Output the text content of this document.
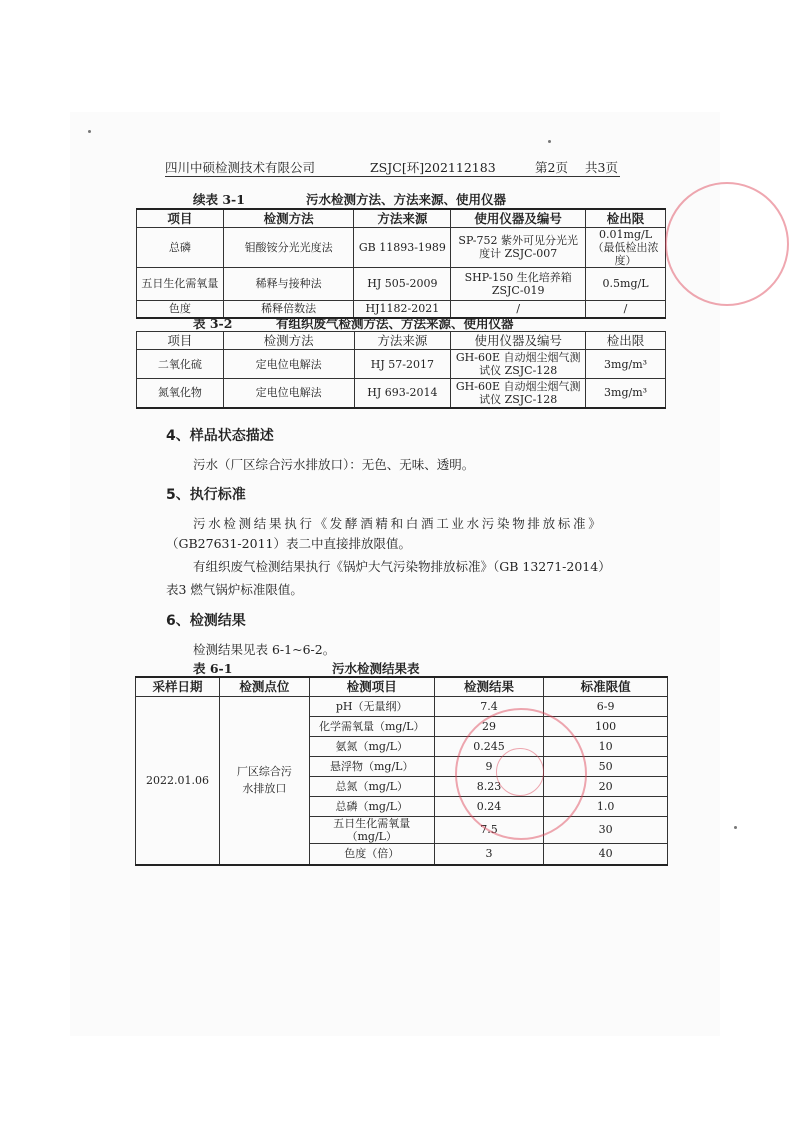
四川中硕检测技术有限公司	ZSJC[环]202112183	第2页 共3页
续表 3-1	污水检测方法、方法来源、使用仪器
项目	检测方法	方法来源	使用仪器及编号	检出限
总磷	钼酸铵分光光度法	GB 11893-1989	SP-752 紫外可见分光光度计 ZSJC-007	0.01mg/L（最低检出浓度）
五日生化需氧量	稀释与接种法	HJ 505-2009	SHP-150 生化培养箱 ZSJC-019	0.5mg/L
色度	稀释倍数法	HJ1182-2021	/	/
表 3-2	有组织废气检测方法、方法来源、使用仪器
项目	检测方法	方法来源	使用仪器及编号	检出限
二氧化硫	定电位电解法	HJ 57-2017	GH-60E 自动烟尘烟气测试仪 ZSJC-128	3mg/m³
氮氧化物	定电位电解法	HJ 693-2014	GH-60E 自动烟尘烟气测试仪 ZSJC-128	3mg/m³
4、样品状态描述
污水（厂区综合污水排放口）：无色、无味、透明。
5、执行标准
污水检测结果执行《发酵酒精和白酒工业水污染物排放标准》
（GB27631-2011）表二中直接排放限值。
有组织废气检测结果执行《锅炉大气污染物排放标准》（GB 13271-2014）
表3 燃气锅炉标准限值。
6、检测结果
检测结果见表 6-1~6-2。
表 6-1	污水检测结果表
采样日期	检测点位	检测项目	检测结果	标准限值
2022.01.06	厂区综合污水排放口	pH（无量纲）	7.4	6-9
		化学需氧量（mg/L）	29	100
		氨氮（mg/L）	0.245	10
		悬浮物（mg/L）	9	50
		总氮（mg/L）	8.23	20
		总磷（mg/L）	0.24	1.0
		五日生化需氧量（mg/L）	7.5	30
		色度（倍）	3	40
